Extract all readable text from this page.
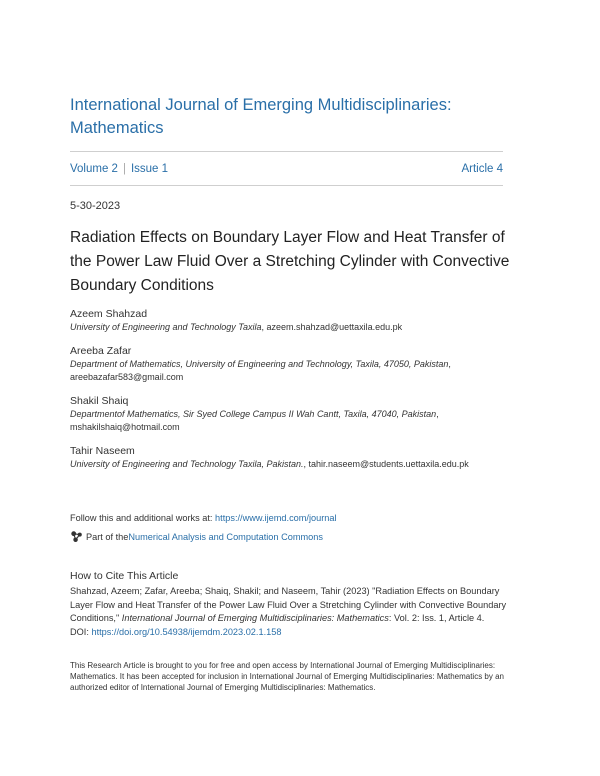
International Journal of Emerging Multidisciplinaries: Mathematics
Volume 2 | Issue 1	Article 4
5-30-2023
Radiation Effects on Boundary Layer Flow and Heat Transfer of the Power Law Fluid Over a Stretching Cylinder with Convective Boundary Conditions
Azeem Shahzad
University of Engineering and Technology Taxila, azeem.shahzad@uettaxila.edu.pk
Areeba Zafar
Department of Mathematics, University of Engineering and Technology, Taxila, 47050, Pakistan, areebazafar583@gmail.com
Shakil Shaiq
Departmentof Mathematics, Sir Syed College Campus II Wah Cantt, Taxila, 47040, Pakistan, mshakilshaiq@hotmail.com
Tahir Naseem
University of Engineering and Technology Taxila, Pakistan., tahir.naseem@students.uettaxila.edu.pk
Follow this and additional works at: https://www.ijemd.com/journal
Part of the Numerical Analysis and Computation Commons
How to Cite This Article
Shahzad, Azeem; Zafar, Areeba; Shaiq, Shakil; and Naseem, Tahir (2023) "Radiation Effects on Boundary Layer Flow and Heat Transfer of the Power Law Fluid Over a Stretching Cylinder with Convective Boundary Conditions," International Journal of Emerging Multidisciplinaries: Mathematics: Vol. 2: Iss. 1, Article 4.
DOI: https://doi.org/10.54938/ijemdm.2023.02.1.158
This Research Article is brought to you for free and open access by International Journal of Emerging Multidisciplinaries: Mathematics. It has been accepted for inclusion in International Journal of Emerging Multidisciplinaries: Mathematics by an authorized editor of International Journal of Emerging Multidisciplinaries: Mathematics.
